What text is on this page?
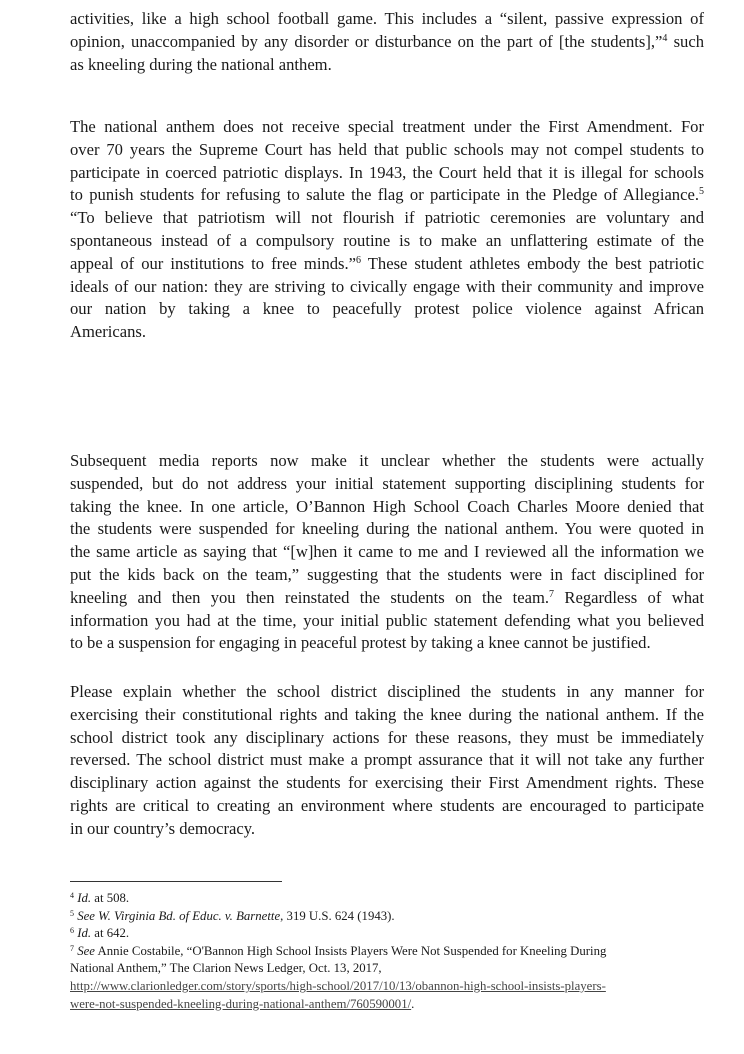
activities, like a high school football game. This includes a “silent, passive expression of
opinion, unaccompanied by any disorder or disturbance on the part of [the students],”$^4$ such
as kneeling during the national anthem.
The national anthem does not receive special treatment under the First Amendment. For
over 70 years the Supreme Court has held that public schools may not compel students to
participate in coerced patriotic displays. In 1943, the Court held that it is illegal for schools
to punish students for refusing to salute the flag or participate in the Pledge of Allegiance.$^5$
“To believe that patriotism will not flourish if patriotic ceremonies are voluntary and
spontaneous instead of a compulsory routine is to make an unflattering estimate of the
appeal of our institutions to free minds.”$^6$ These student athletes embody the best patriotic
ideals of our nation: they are striving to civically engage with their community and improve
our nation by taking a knee to peacefully protest police violence against African
Americans.
Subsequent media reports now make it unclear whether the students were actually
suspended, but do not address your initial statement supporting disciplining students for
taking the knee. In one article, O’Bannon High School Coach Charles Moore denied that
the students were suspended for kneeling during the national anthem. You were quoted in
the same article as saying that “[w]hen it came to me and I reviewed all the information we
put the kids back on the team,” suggesting that the students were in fact disciplined for
kneeling and then you then reinstated the students on the team.$^7$ Regardless of what
information you had at the time, your initial public statement defending what you believed
to be a suspension for engaging in peaceful protest by taking a knee cannot be justified.
Please explain whether the school district disciplined the students in any manner for
exercising their constitutional rights and taking the knee during the national anthem. If the
school district took any disciplinary actions for these reasons, they must be immediately
reversed. The school district must make a prompt assurance that it will not take any further
disciplinary action against the students for exercising their First Amendment rights. These
rights are critical to creating an environment where students are encouraged to participate
in our country’s democracy.
$^4$ Id. at 508.
$^5$ See W. Virginia Bd. of Educ. v. Barnette, 319 U.S. 624 (1943).
$^6$ Id. at 642.
$^7$ See Annie Costabile, “O'Bannon High School Insists Players Were Not Suspended for Kneeling During
National Anthem,” The Clarion News Ledger, Oct. 13, 2017,
http://www.clarionledger.com/story/sports/high-school/2017/10/13/obannon-high-school-insists-players-
were-not-suspended-kneeling-during-national-anthem/760590001/.
